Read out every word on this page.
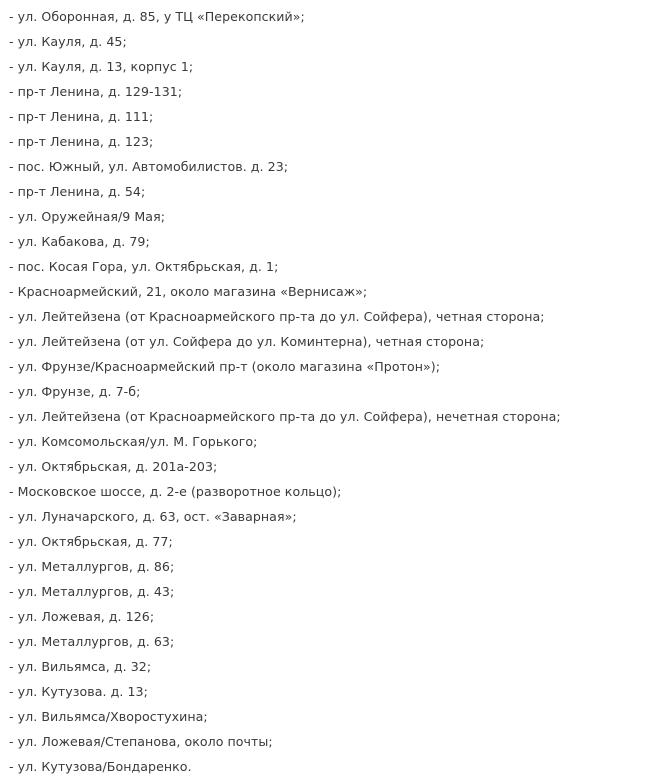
- ул. Оборонная, д. 85, у ТЦ «Перекопский»;
- ул. Кауля, д. 45;
- ул. Кауля, д. 13, корпус 1;
- пр-т Ленина, д. 129-131;
- пр-т Ленина, д. 111;
- пр-т Ленина, д. 123;
- пос. Южный, ул. Автомобилистов. д. 23;
- пр-т Ленина, д. 54;
- ул. Оружейная/9 Мая;
- ул. Кабакова, д. 79;
- пос. Косая Гора, ул. Октябрьская, д. 1;
- Красноармейский, 21, около магазина «Вернисаж»;
- ул. Лейтейзена (от Красноармейского пр-та до ул. Сойфера), четная сторона;
- ул. Лейтейзена (от ул. Сойфера до ул. Коминтерна), четная сторона;
- ул. Фрунзе/Красноармейский пр-т (около магазина «Протон»);
- ул. Фрунзе, д. 7-б;
- ул. Лейтейзена (от Красноармейского пр-та до ул. Сойфера), нечетная сторона;
- ул. Комсомольская/ул. М. Горького;
- ул. Октябрьская, д. 201а-203;
- Московское шоссе, д. 2-е (разворотное кольцо);
- ул. Луначарского, д. 63, ост. «Заварная»;
- ул. Октябрьская, д. 77;
- ул. Металлургов, д. 86;
- ул. Металлургов, д. 43;
- ул. Ложевая, д. 126;
- ул. Металлургов, д. 63;
- ул. Вильямса, д. 32;
- ул. Кутузова. д. 13;
- ул. Вильямса/Хворостухина;
- ул. Ложевая/Степанова, около почты;
- ул. Кутузова/Бондаренко.
